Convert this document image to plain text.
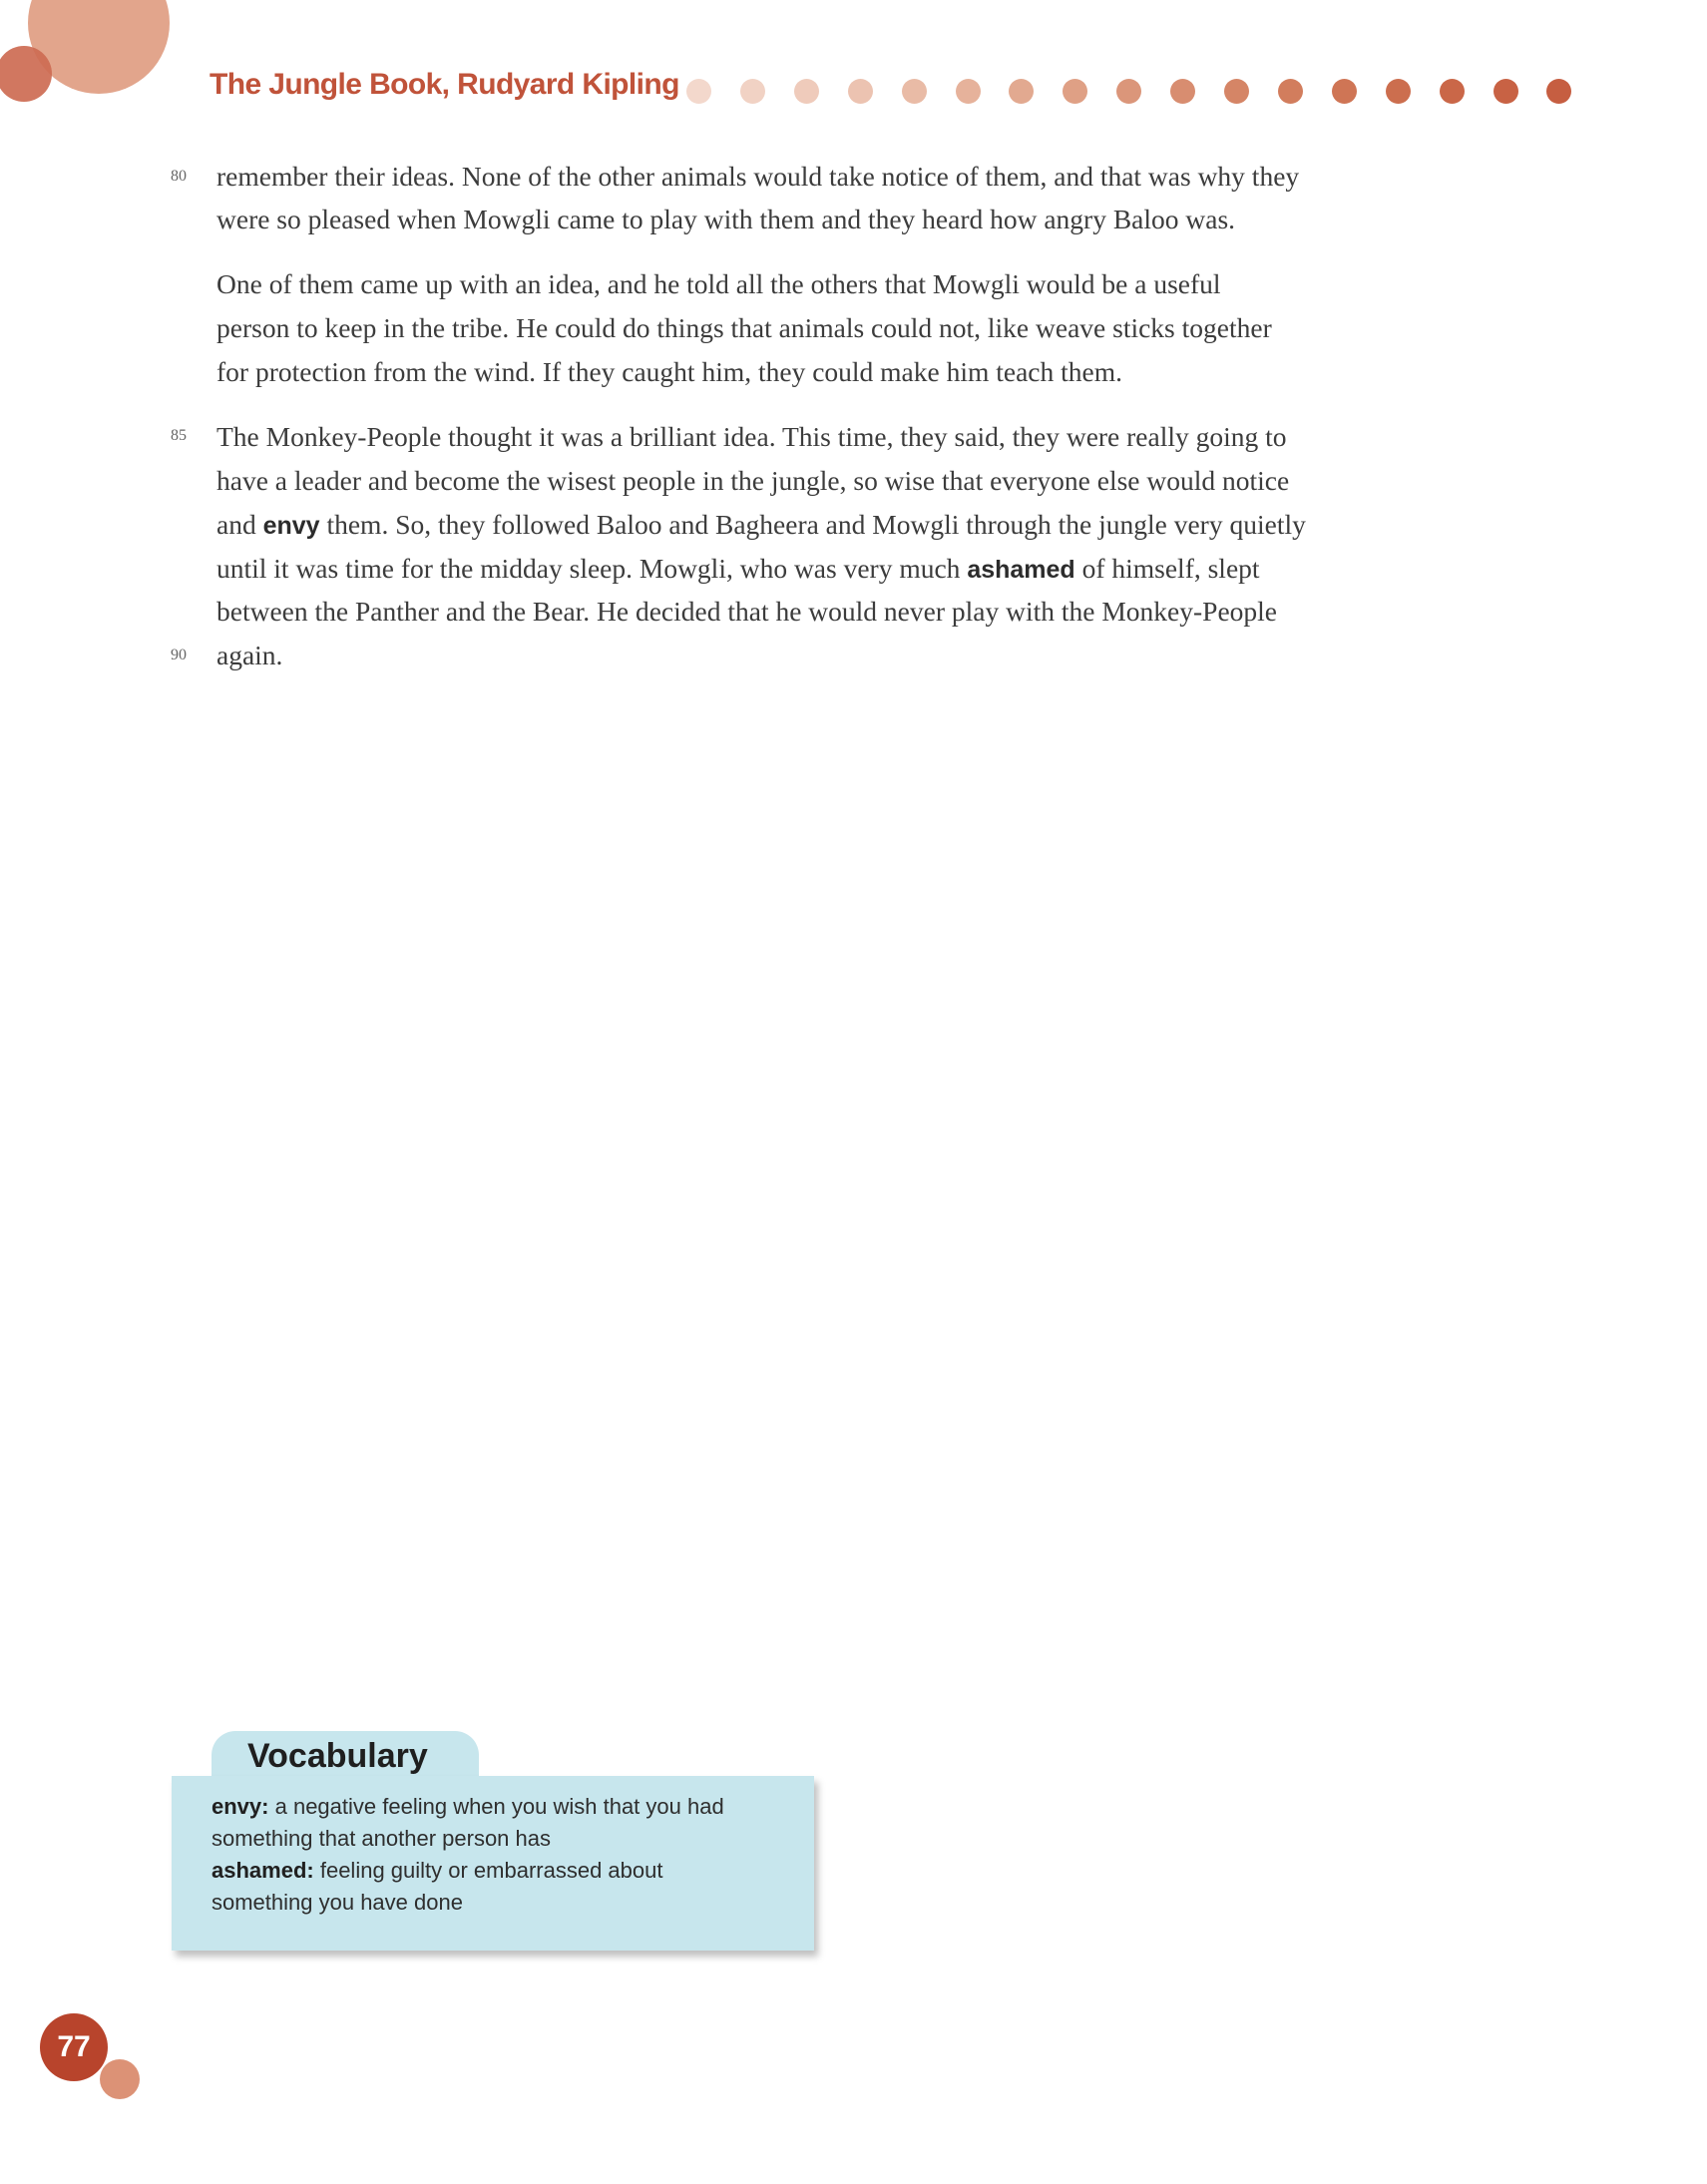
The Jungle Book, Rudyard Kipling
80
85
90
remember their ideas. None of the other animals would take notice of them, and that was why they
were so pleased when Mowgli came to play with them and they heard how angry Baloo was.
One of them came up with an idea, and he told all the others that Mowgli would be a useful
person to keep in the tribe. He could do things that animals could not, like weave sticks together
for protection from the wind. If they caught him, they could make him teach them.
The Monkey-People thought it was a brilliant idea. This time, they said, they were really going to
have a leader and become the wisest people in the jungle, so wise that everyone else would notice
and envy them. So, they followed Baloo and Bagheera and Mowgli through the jungle very quietly
until it was time for the midday sleep. Mowgli, who was very much ashamed of himself, slept
between the Panther and the Bear. He decided that he would never play with the Monkey-People
again.
Vocabulary
envy: a negative feeling when you wish that you had
something that another person has
ashamed: feeling guilty or embarrassed about
something you have done
77
